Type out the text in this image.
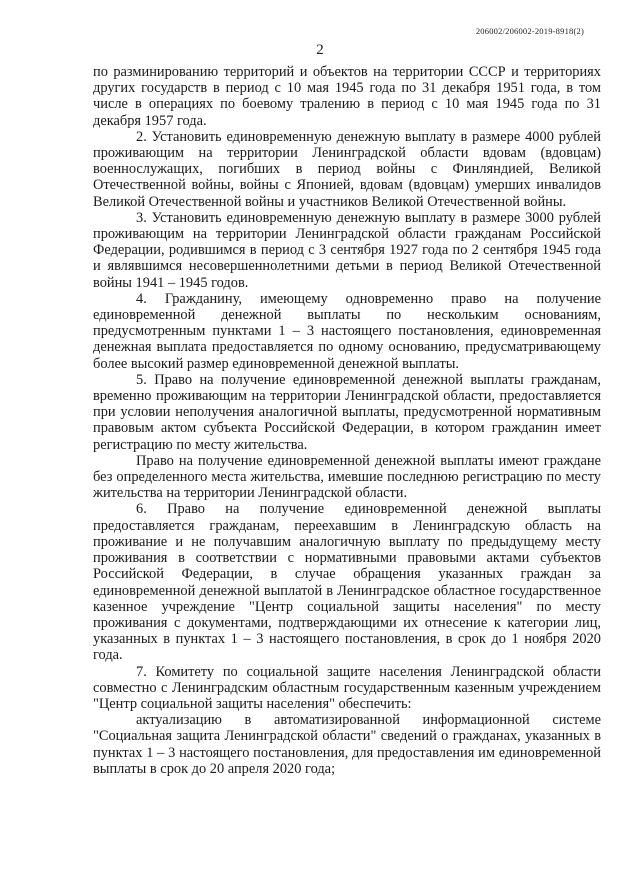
206002/206002-2019-8918(2)
2

по разминированию территорий и объектов на территории СССР и территориях других государств в период с 10 мая 1945 года по 31 декабря 1951 года, в том числе в операциях по боевому тралению в период с 10 мая 1945 года по 31 декабря 1957 года.

2. Установить единовременную денежную выплату в размере 4000 рублей проживающим на территории Ленинградской области вдовам (вдовцам) военнослужащих, погибших в период войны с Финляндией, Великой Отечественной войны, войны с Японией, вдовам (вдовцам) умерших инвалидов Великой Отечественной войны и участников Великой Отечественной войны.

3. Установить единовременную денежную выплату в размере 3000 рублей проживающим на территории Ленинградской области гражданам Российской Федерации, родившимся в период с 3 сентября 1927 года по 2 сентября 1945 года и являвшимся несовершеннолетними детьми в период Великой Отечественной войны 1941 – 1945 годов.

4. Гражданину, имеющему одновременно право на получение единовременной денежной выплаты по нескольким основаниям, предусмотренным пунктами 1 – 3 настоящего постановления, единовременная денежная выплата предоставляется по одному основанию, предусматривающему более высокий размер единовременной денежной выплаты.

5. Право на получение единовременной денежной выплаты гражданам, временно проживающим на территории Ленинградской области, предоставляется при условии неполучения аналогичной выплаты, предусмотренной нормативным правовым актом субъекта Российской Федерации, в котором гражданин имеет регистрацию по месту жительства.

Право на получение единовременной денежной выплаты имеют граждане без определенного места жительства, имевшие последнюю регистрацию по месту жительства на территории Ленинградской области.

6. Право на получение единовременной денежной выплаты предоставляется гражданам, переехавшим в Ленинградскую область на проживание и не получавшим аналогичную выплату по предыдущему месту проживания в соответствии с нормативными правовыми актами субъектов Российской Федерации, в случае обращения указанных граждан за единовременной денежной выплатой в Ленинградское областное государственное казенное учреждение "Центр социальной защиты населения" по месту проживания с документами, подтверждающими их отнесение к категории лиц, указанных в пунктах 1 – 3 настоящего постановления, в срок до 1 ноября 2020 года.

7. Комитету по социальной защите населения Ленинградской области совместно с Ленинградским областным государственным казенным учреждением "Центр социальной защиты населения" обеспечить:

актуализацию в автоматизированной информационной системе "Социальная защита Ленинградской области" сведений о гражданах, указанных в пунктах 1 – 3 настоящего постановления, для предоставления им единовременной выплаты в срок до 20 апреля 2020 года;
